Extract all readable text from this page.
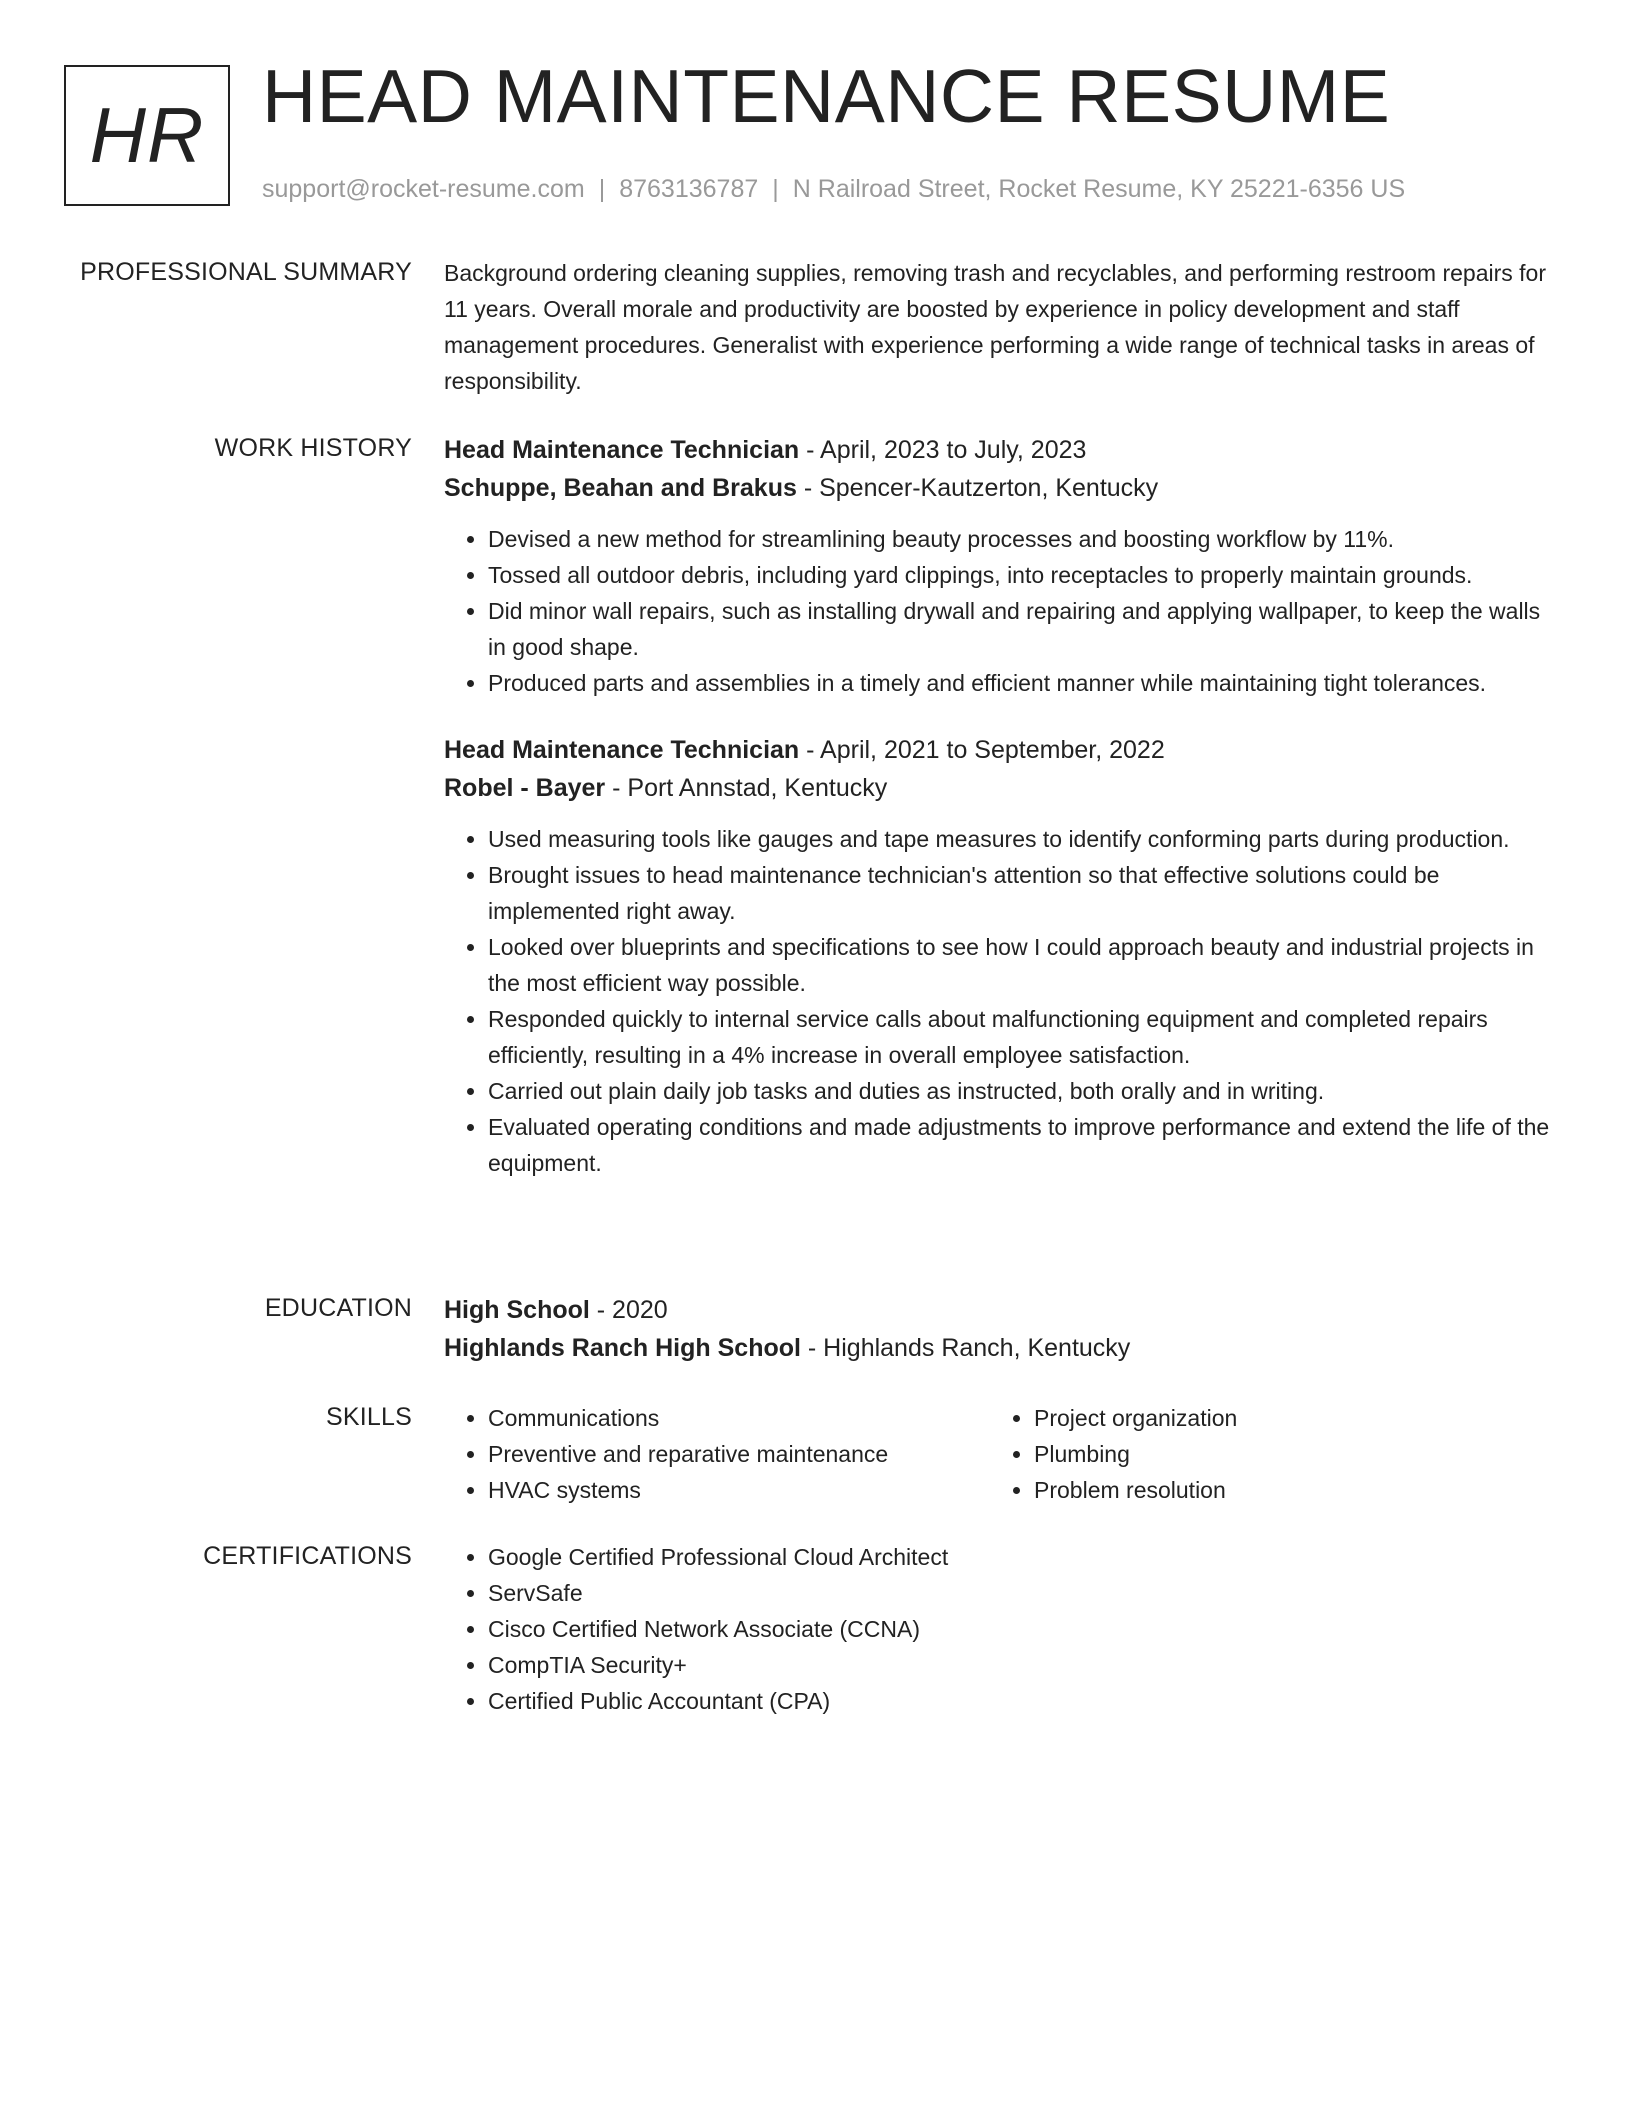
HR HEAD MAINTENANCE RESUME
support@rocket-resume.com | 8763136787 | N Railroad Street, Rocket Resume, KY 25221-6356 US
PROFESSIONAL SUMMARY Background ordering cleaning supplies, removing trash and recyclables, and performing restroom repairs for 11 years. Overall morale and productivity are boosted by experience in policy development and staff management procedures. Generalist with experience performing a wide range of technical tasks in areas of responsibility.

WORK HISTORY Head Maintenance Technician - April, 2023 to July, 2023
Schuppe, Beahan and Brakus - Spencer-Kautzerton, Kentucky
• Devised a new method for streamlining beauty processes and boosting workflow by 11%.
• Tossed all outdoor debris, including yard clippings, into receptacles to properly maintain grounds.
• Did minor wall repairs, such as installing drywall and repairing and applying wallpaper, to keep the walls in good shape.
• Produced parts and assemblies in a timely and efficient manner while maintaining tight tolerances.
Head Maintenance Technician - April, 2021 to September, 2022
Robel - Bayer - Port Annstad, Kentucky
• Used measuring tools like gauges and tape measures to identify conforming parts during production.
• Brought issues to head maintenance technician's attention so that effective solutions could be implemented right away.
• Looked over blueprints and specifications to see how I could approach beauty and industrial projects in the most efficient way possible.
• Responded quickly to internal service calls about malfunctioning equipment and completed repairs efficiently, resulting in a 4% increase in overall employee satisfaction.
• Carried out plain daily job tasks and duties as instructed, both orally and in writing.
• Evaluated operating conditions and made adjustments to improve performance and extend the life of the equipment.
EDUCATION High School - 2020
Highlands Ranch High School - Highlands Ranch, Kentucky
SKILLS	• Communications
• Preventive and reparative maintenance
• HVAC systems
• Project organization
• Plumbing
• Problem resolution
CERTIFICATIONS	• Google Certified Professional Cloud Architect
• ServSafe
• Cisco Certified Network Associate (CCNA)
• CompTIA Security+
• Certified Public Accountant (CPA)
